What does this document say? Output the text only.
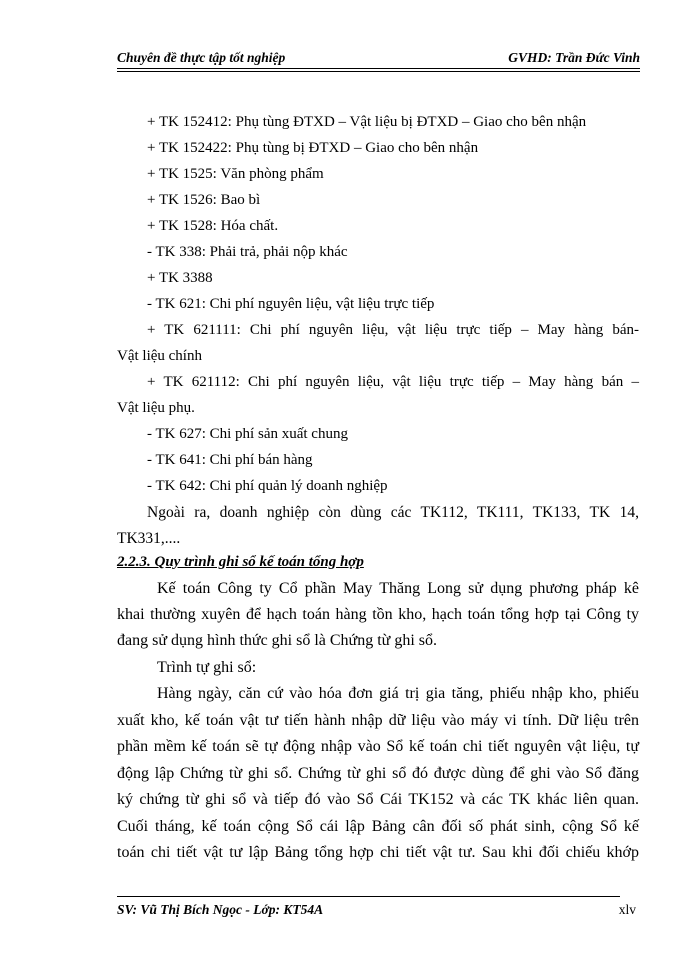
Chuyên đề thực tập tốt nghiệp	GVHD: Trần Đức Vinh
+ TK 152412: Phụ tùng ĐTXD – Vật liệu bị ĐTXD – Giao cho bên nhận
+ TK 152422: Phụ tùng bị ĐTXD – Giao cho bên nhận
+ TK 1525: Văn phòng phẩm
+ TK 1526: Bao bì
+ TK 1528: Hóa chất.
- TK 338: Phải trả, phải nộp khác
+ TK 3388
- TK 621: Chi phí nguyên liệu, vật liệu trực tiếp
+ TK 621111: Chi phí nguyên liệu, vật liệu trực tiếp – May hàng bán-
Vật liệu chính
+ TK 621112: Chi phí nguyên liệu, vật liệu trực tiếp – May hàng bán –
Vật liệu phụ.
- TK 627: Chi phí sản xuất chung
- TK 641: Chi phí bán hàng
- TK 642: Chi phí quản lý doanh nghiệp
Ngoài ra, doanh nghiệp còn dùng các TK112, TK111, TK133, TK 14,
TK331,....
2.2.3. Quy trình ghi sổ kế toán tổng hợp
Kế toán Công ty Cổ phần May Thăng Long sử dụng phương pháp kê
khai thường xuyên để hạch toán hàng tồn kho, hạch toán tổng hợp tại Công ty
đang sử dụng hình thức ghi sổ là Chứng từ ghi sổ.
Trình tự ghi sổ:
Hàng ngày, căn cứ vào hóa đơn giá trị gia tăng, phiếu nhập kho, phiếu
xuất kho, kế toán vật tư tiến hành nhập dữ liệu vào máy vi tính. Dữ liệu trên
phần mềm kế toán sẽ tự động nhập vào Sổ kế toán chi tiết nguyên vật liệu, tự
động lập Chứng từ ghi sổ. Chứng từ ghi sổ đó được dùng để ghi vào Sổ đăng
ký chứng từ ghi sổ và tiếp đó vào Sổ Cái TK152 và các TK khác liên quan.
Cuối tháng, kế toán cộng Sổ cái lập Bảng cân đối số phát sinh, cộng Sổ kế
toán chi tiết vật tư lập Bảng tổng hợp chi tiết vật tư. Sau khi đối chiếu khớp
SV: Vũ Thị Bích Ngọc - Lớp: KT54A	xlv
